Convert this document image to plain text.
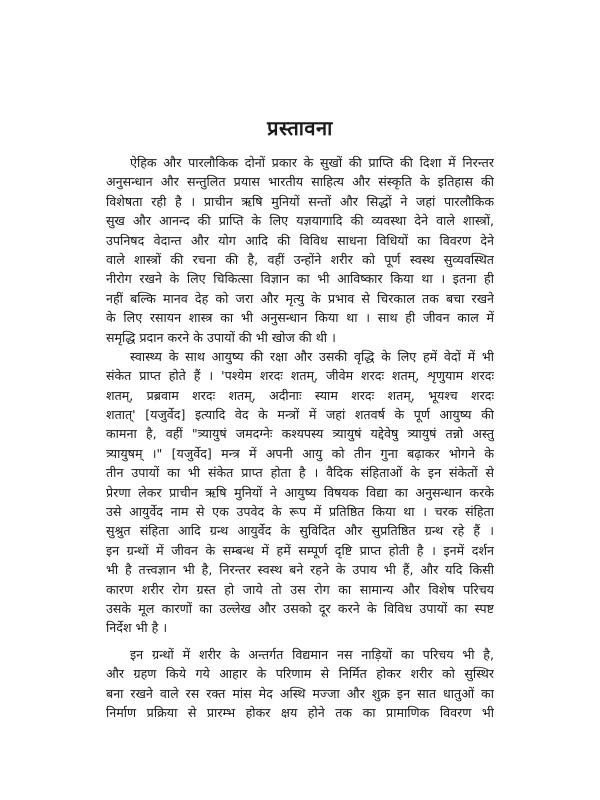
प्रस्तावना
ऐहिक और पारलौकिक दोनों प्रकार के सुखों की प्राप्ति की दिशा में निरन्तर
अनुसन्धान और सन्तुलित प्रयास भारतीय साहित्य और संस्कृति के इतिहास की
विशेषता रही है । प्राचीन ऋषि मुनियों सन्तों और सिद्धों ने जहां पारलौकिक
सुख और आनन्द की प्राप्ति के लिए यज्ञयागादि की व्यवस्था देने वाले शास्त्रों,
उपनिषद वेदान्त और योग आदि की विविध साधना विधियों का विवरण देने
वाले शास्त्रों की रचना की है, वहीं उन्होंने शरीर को पूर्ण स्वस्थ सुव्यवस्थित
नीरोग रखने के लिए चिकित्सा विज्ञान का भी आविष्कार किया था । इतना ही
नहीं बल्कि मानव देह को जरा और मृत्यु के प्रभाव से चिरकाल तक बचा रखने
के लिए रसायन शास्त्र का भी अनुसन्धान किया था । साथ ही जीवन काल में
समृद्धि प्रदान करने के उपायों की भी खोज की थी ।
स्वास्थ्य के साथ आयुष्य की रक्षा और उसकी वृद्धि के लिए हमें वेदों में भी
संकेत प्राप्त होते हैं । 'पश्येम शरदः शतम्, जीवेम शरदः शतम्, शृणुयाम शरदः
शतम्, प्रब्रवाम शरदः शतम्, अदीनाः स्याम शरदः शतम्, भूयश्च शरदः
शतात्' [यजुर्वेद] इत्यादि वेद के मन्त्रों में जहां शतवर्ष के पूर्ण आयुष्य की
कामना है, वहीं "त्र्यायुषं जमदग्नेः कश्यपस्य त्र्यायुषं यद्देवेषु त्र्यायुषं तन्नो अस्तु
त्र्यायुषम् ।" [यजुर्वेद] मन्त्र में अपनी आयु को तीन गुना बढ़ाकर भोगने के
तीन उपायों का भी संकेत प्राप्त होता है । वैदिक संहिताओं के इन संकेतों से
प्रेरणा लेकर प्राचीन ऋषि मुनियों ने आयुष्य विषयक विद्या का अनुसन्धान करके
उसे आयुर्वेद नाम से एक उपवेद के रूप में प्रतिष्ठित किया था । चरक संहिता
सुश्रुत संहिता आदि ग्रन्थ आयुर्वेद के सुविदित और सुप्रतिष्ठित ग्रन्थ रहे हैं ।
इन ग्रन्थों में जीवन के सम्बन्ध में हमें सम्पूर्ण दृष्टि प्राप्त होती है । इनमें दर्शन
भी है तत्त्वज्ञान भी है, निरन्तर स्वस्थ बने रहने के उपाय भी हैं, और यदि किसी
कारण शरीर रोग ग्रस्त हो जाये तो उस रोग का सामान्य और विशेष परिचय
उसके मूल कारणों का उल्लेख और उसको दूर करने के विविध उपायों का स्पष्ट
निर्देश भी है ।
इन ग्रन्थों में शरीर के अन्तर्गत विद्यमान नस नाड़ियों का परिचय भी है,
और ग्रहण किये गये आहार के परिणाम से निर्मित होकर शरीर को सुस्थिर
बना रखने वाले रस रक्त मांस मेद अस्थि मज्जा और शुक्र इन सात धातुओं का
निर्माण प्रक्रिया से प्रारम्भ होकर क्षय होने तक का प्रामाणिक विवरण भी
